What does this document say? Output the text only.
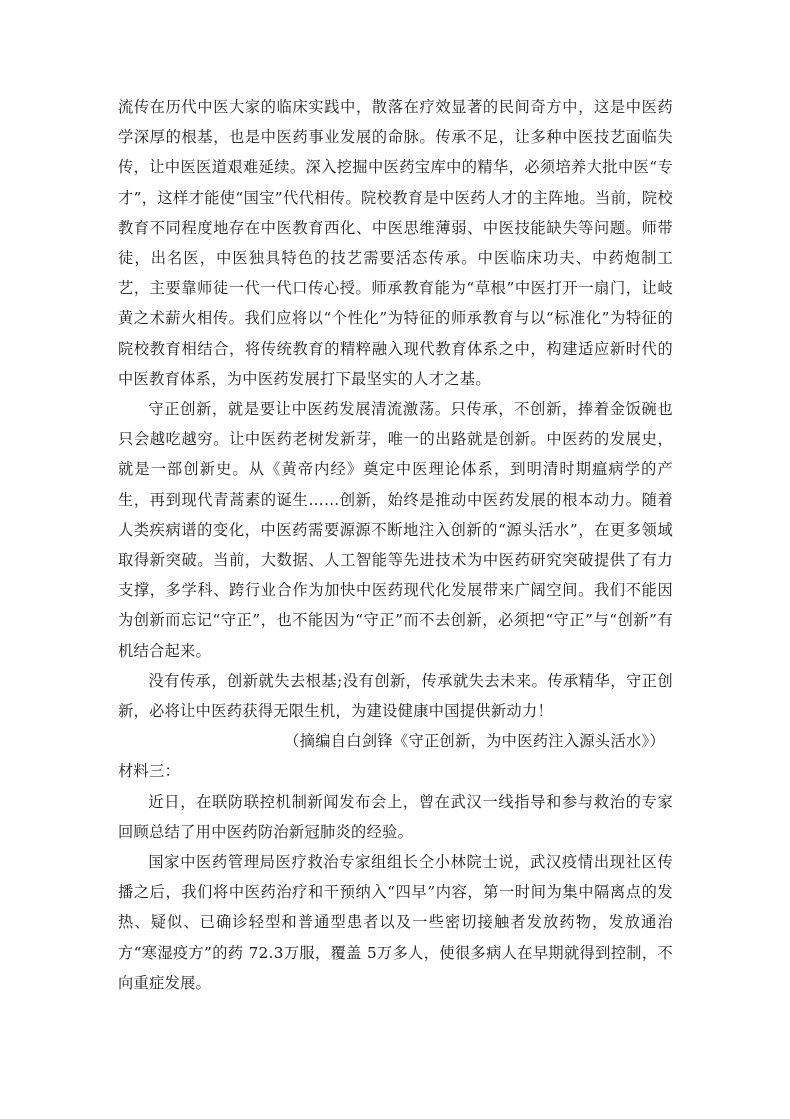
流传在历代中医大家的临床实践中，散落在疗效显著的民间奇方中，这是中医药学深厚的根基，也是中医药事业发展的命脉。传承不足，让多种中医技艺面临失传，让中医医道艰难延续。深入挖掘中医药宝库中的精华，必须培养大批中医“专才”，这样才能使“国宝”代代相传。院校教育是中医药人才的主阵地。当前，院校教育不同程度地存在中医教育西化、中医思维薄弱、中医技能缺失等问题。师带徒，出名医，中医独具特色的技艺需要活态传承。中医临床功夫、中药炮制工艺，主要靠师徒一代一代口传心授。师承教育能为“草根”中医打开一扇门，让岐黄之术薪火相传。我们应将以“个性化”为特征的师承教育与以“标准化”为特征的院校教育相结合，将传统教育的精粹融入现代教育体系之中，构建适应新时代的中医教育体系，为中医药发展打下最坚实的人才之基。

守正创新，就是要让中医药发展清流激荡。只传承，不创新，捧着金饭碗也只会越吃越穷。让中医药老树发新芽，唯一的出路就是创新。中医药的发展史，就是一部创新史。从《黄帝内经》奠定中医理论体系，到明清时期瘟病学的产生，再到现代青蒿素的诞生……创新，始终是推动中医药发展的根本动力。随着人类疾病谱的变化，中医药需要源源不断地注入创新的“源头活水”，在更多领域取得新突破。当前，大数据、人工智能等先进技术为中医药研究突破提供了有力支撑，多学科、跨行业合作为加快中医药现代化发展带来广阔空间。我们不能因为创新而忘记“守正”，也不能因为“守正”而不去创新，必须把“守正”与“创新”有机结合起来。

没有传承，创新就失去根基;没有创新，传承就失去未来。传承精华，守正创新，必将让中医药获得无限生机，为建设健康中国提供新动力！

（摘编自白剑锋《守正创新，为中医药注入源头活水》）

材料三：

近日，在联防联控机制新闻发布会上，曾在武汉一线指导和参与救治的专家回顾总结了用中医药防治新冠肺炎的经验。

国家中医药管理局医疗救治专家组组长仝小林院士说，武汉疫情出现社区传播之后，我们将中医药治疗和干预纳入“四早”内容，第一时间为集中隔离点的发热、疑似、已确诊轻型和普通型患者以及一些密切接触者发放药物，发放通治方“寒湿疫方”的药 72.3万服，覆盖 5万多人，使很多病人在早期就得到控制，不向重症发展。
